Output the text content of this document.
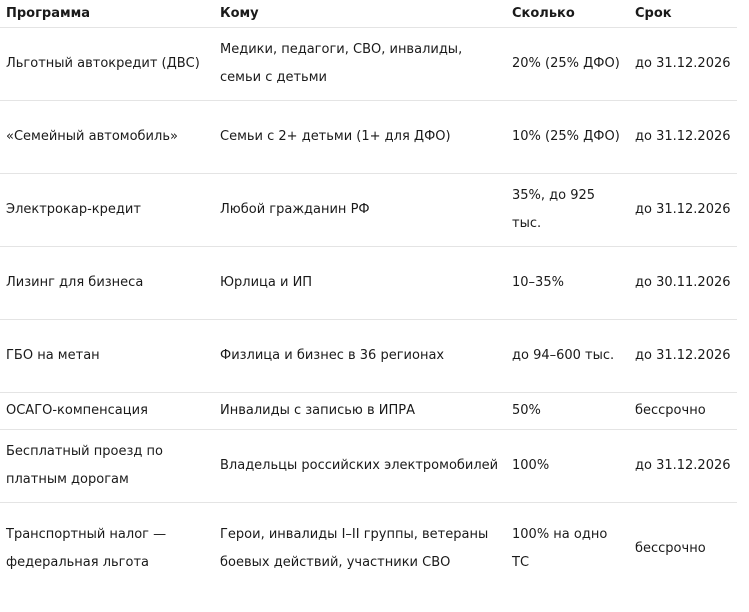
Программа	Кому	Сколько	Срок
Льготный автокредит (ДВС)	Медики, педагоги, СВО, инвалиды, семьи с детьми	20% (25% ДФО)	до 31.12.2026
«Семейный автомобиль»	Семьи с 2+ детьми (1+ для ДФО)	10% (25% ДФО)	до 31.12.2026
Электрокар-кредит	Любой гражданин РФ	35%, до 925 тыс.	до 31.12.2026
Лизинг для бизнеса	Юрлица и ИП	10–35%	до 30.11.2026
ГБО на метан	Физлица и бизнес в 36 регионах	до 94–600 тыс.	до 31.12.2026
ОСАГО-компенсация	Инвалиды с записью в ИПРА	50%	бессрочно
Бесплатный проезд по платным дорогам	Владельцы российских электромобилей	100%	до 31.12.2026
Транспортный налог — федеральная льгота	Герои, инвалиды I–II группы, ветераны боевых действий, участники СВО	100% на одно ТС	бессрочно
